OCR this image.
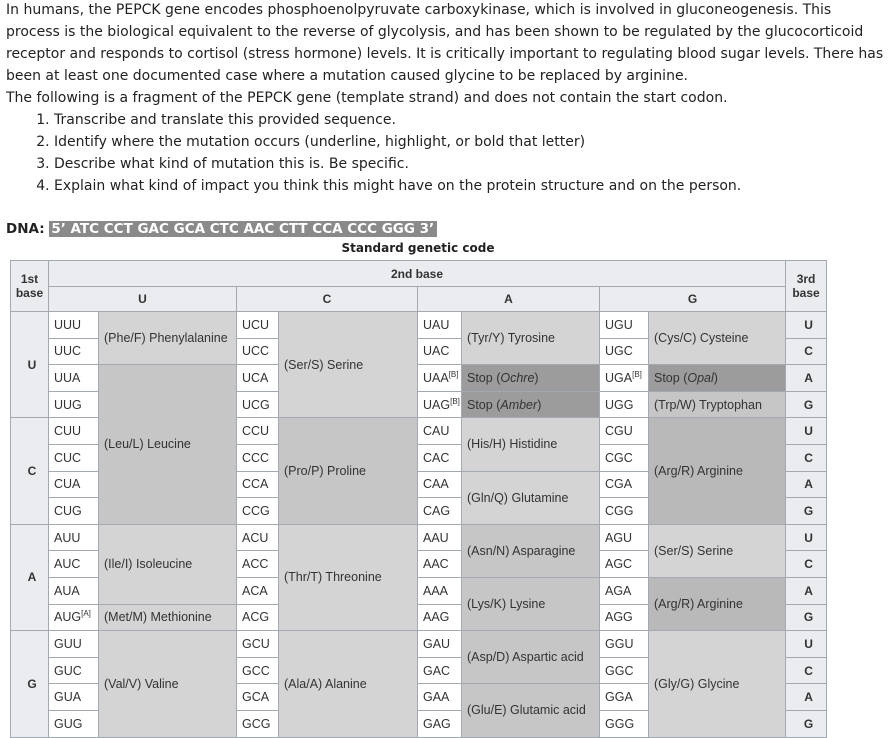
In humans, the PEPCK gene encodes phosphoenolpyruvate carboxykinase, which is involved in gluconeogenesis. This process is the biological equivalent to the reverse of glycolysis, and has been shown to be regulated by the glucocorticoid receptor and responds to cortisol (stress hormone) levels. It is critically important to regulating blood sugar levels. There has been at least one documented case where a mutation caused glycine to be replaced by arginine.

The following is a fragment of the PEPCK gene (template strand) and does not contain the start codon.

1. Transcribe and translate this provided sequence.
2. Identify where the mutation occurs (underline, highlight, or bold that letter)
3. Describe what kind of mutation this is. Be specific.
4. Explain what kind of impact you think this might have on the protein structure and on the person.
DNA: 5’ ATC CCT GAC GCA CTC AAC CTT CCA CCC GGG 3’
Standard genetic code
1st
base	2nd base								3rd
base
	U		C		A		G		
U	UUU	(Phe/F) Phenylalanine	UCU	(Ser/S) Serine	UAU	(Tyr/Y) Tyrosine	UGU	(Cys/C) Cysteine	U
	UUC		UCC		UAC		UGC		C
	UUA	(Leu/L) Leucine	UCA		UAA[B]	Stop (Ochre)	UGA[B]	Stop (Opal)	A
	UUG		UCG		UAG[B]	Stop (Amber)	UGG	(Trp/W) Tryptophan	G
C	CUU		CCU	(Pro/P) Proline	CAU	(His/H) Histidine	CGU	(Arg/R) Arginine	U
	CUC		CCC		CAC		CGC		C
	CUA		CCA		CAA	(Gln/Q) Glutamine	CGA		A
	CUG		CCG		CAG		CGG		G
A	AUU	(Ile/I) Isoleucine	ACU	(Thr/T) Threonine	AAU	(Asn/N) Asparagine	AGU	(Ser/S) Serine	U
	AUC		ACC		AAC		AGC		C
	AUA		ACA		AAA	(Lys/K) Lysine	AGA	(Arg/R) Arginine	A
	AUG[A]	(Met/M) Methionine	ACG		AAG		AGG		G
G	GUU	(Val/V) Valine	GCU	(Ala/A) Alanine	GAU	(Asp/D) Aspartic acid	GGU	(Gly/G) Glycine	U
	GUC		GCC		GAC		GGC		C
	GUA		GCA		GAA	(Glu/E) Glutamic acid	GGA		A
	GUG		GCG		GAG		GGG		G
